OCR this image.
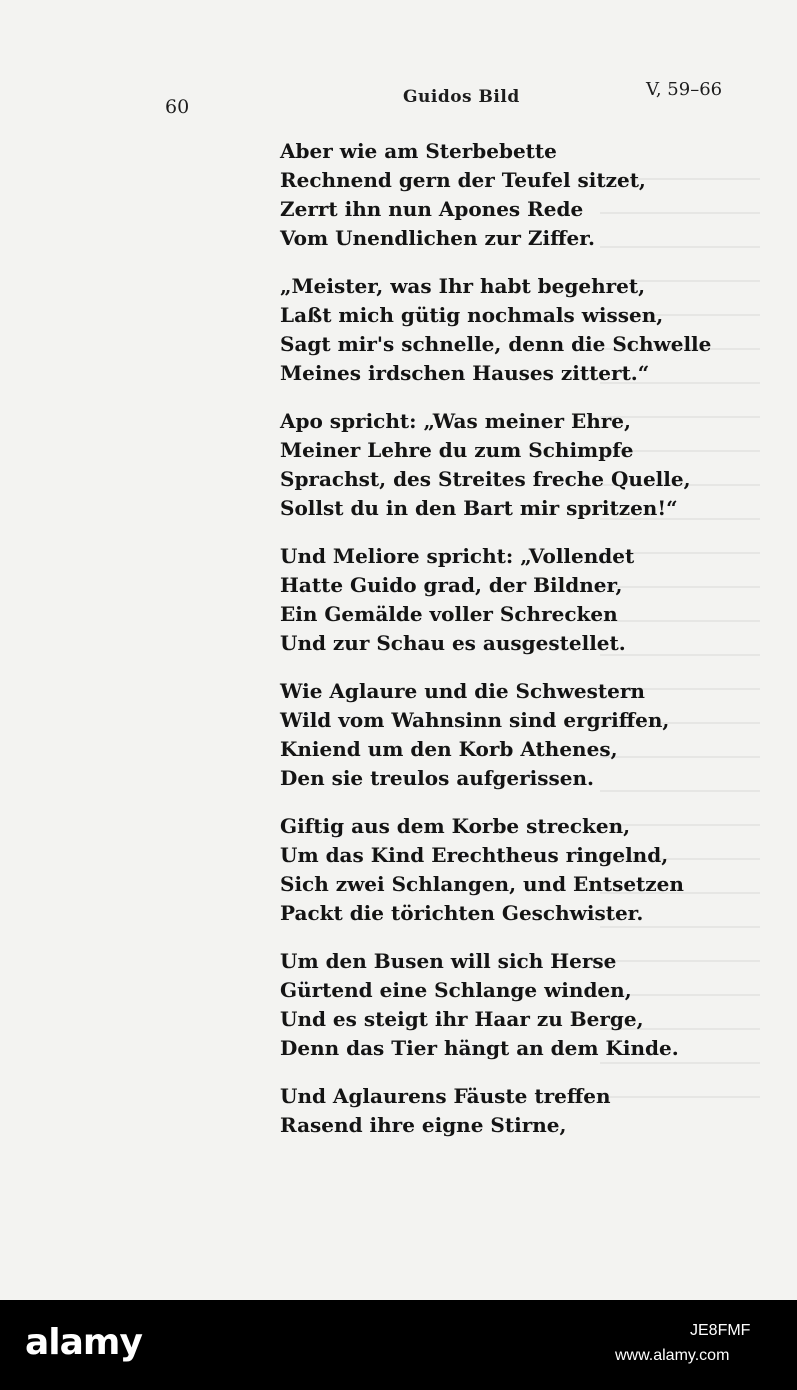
60	Guidos Bild	V, 59–66
Aber wie am Sterbebette
Rechnend gern der Teufel sitzet,
Zerrt ihn nun Apones Rede
Vom Unendlichen zur Ziffer.
„Meister, was Ihr habt begehret,
Laßt mich gütig nochmals wissen,
Sagt mir's schnelle, denn die Schwelle
Meines irdschen Hauses zittert.“
Apo spricht: „Was meiner Ehre,
Meiner Lehre du zum Schimpfe
Sprachst, des Streites freche Quelle,
Sollst du in den Bart mir spritzen!“
Und Meliore spricht: „Vollendet
Hatte Guido grad, der Bildner,
Ein Gemälde voller Schrecken
Und zur Schau es ausgestellet.
Wie Aglaure und die Schwestern
Wild vom Wahnsinn sind ergriffen,
Kniend um den Korb Athenes,
Den sie treulos aufgerissen.
Giftig aus dem Korbe strecken,
Um das Kind Erechtheus ringelnd,
Sich zwei Schlangen, und Entsetzen
Packt die törichten Geschwister.
Um den Busen will sich Herse
Gürtend eine Schlange winden,
Und es steigt ihr Haar zu Berge,
Denn das Tier hängt an dem Kinde.
Und Aglaurens Fäuste treffen
Rasend ihre eigne Stirne,
alamy	JE8FMF
www.alamy.com
